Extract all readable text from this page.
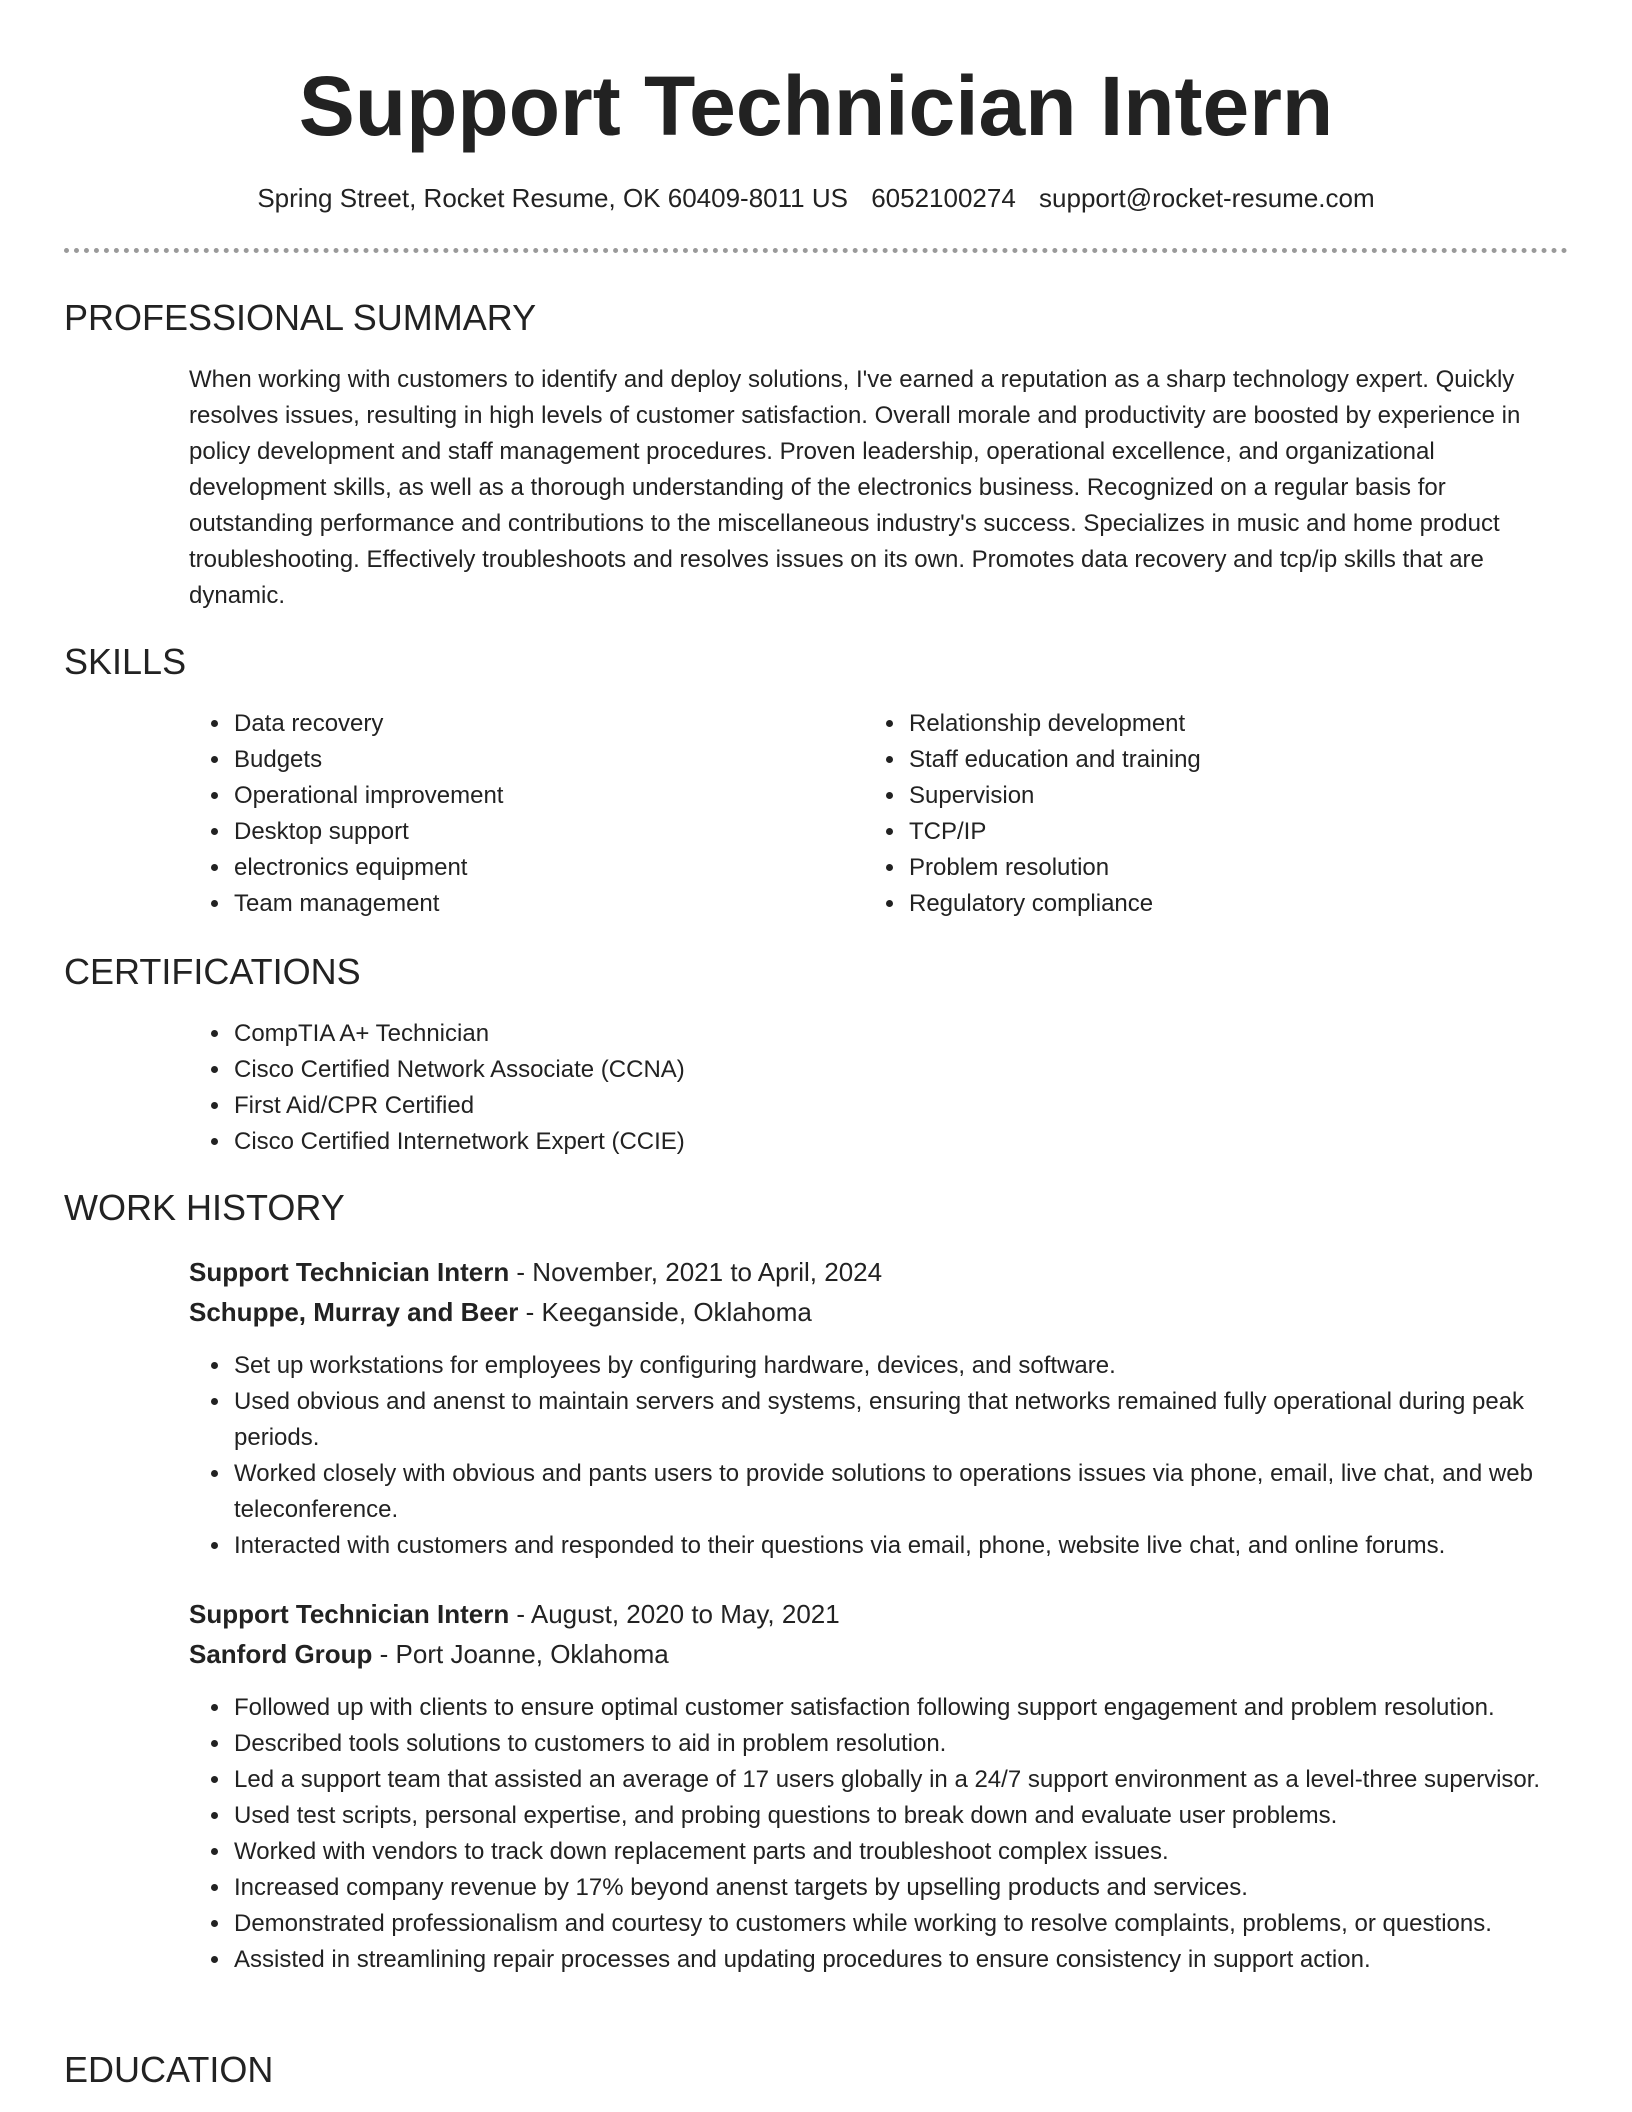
Support Technician Intern
Spring Street, Rocket Resume, OK 60409-8011 US 6052100274 support@rocket-resume.com
PROFESSIONAL SUMMARY

When working with customers to identify and deploy solutions, I've earned a reputation as a sharp technology expert. Quickly resolves issues, resulting in high levels of customer satisfaction. Overall morale and productivity are boosted by experience in policy development and staff management procedures. Proven leadership, operational excellence, and organizational development skills, as well as a thorough understanding of the electronics business. Recognized on a regular basis for outstanding performance and contributions to the miscellaneous industry's success. Specializes in music and home product troubleshooting. Effectively troubleshoots and resolves issues on its own. Promotes data recovery and tcp/ip skills that are dynamic.

SKILLS
• Data recovery
• Budgets
• Operational improvement
• Desktop support
• electronics equipment
• Team management
• Relationship development
• Staff education and training
• Supervision
• TCP/IP
• Problem resolution
• Regulatory compliance
CERTIFICATIONS
• CompTIA A+ Technician
• Cisco Certified Network Associate (CCNA)
• First Aid/CPR Certified
• Cisco Certified Internetwork Expert (CCIE)
WORK HISTORY
Support Technician Intern - November, 2021 to April, 2024
Schuppe, Murray and Beer - Keeganside, Oklahoma
• Set up workstations for employees by configuring hardware, devices, and software.
• Used obvious and anenst to maintain servers and systems, ensuring that networks remained fully operational during peak periods.
• Worked closely with obvious and pants users to provide solutions to operations issues via phone, email, live chat, and web teleconference.
• Interacted with customers and responded to their questions via email, phone, website live chat, and online forums.
Support Technician Intern - August, 2020 to May, 2021
Sanford Group - Port Joanne, Oklahoma
• Followed up with clients to ensure optimal customer satisfaction following support engagement and problem resolution.
• Described tools solutions to customers to aid in problem resolution.
• Led a support team that assisted an average of 17 users globally in a 24/7 support environment as a level-three supervisor.
• Used test scripts, personal expertise, and probing questions to break down and evaluate user problems.
• Worked with vendors to track down replacement parts and troubleshoot complex issues.
• Increased company revenue by 17% beyond anenst targets by upselling products and services.
• Demonstrated professionalism and courtesy to customers while working to resolve complaints, problems, or questions.
• Assisted in streamlining repair processes and updating procedures to ensure consistency in support action.
EDUCATION
